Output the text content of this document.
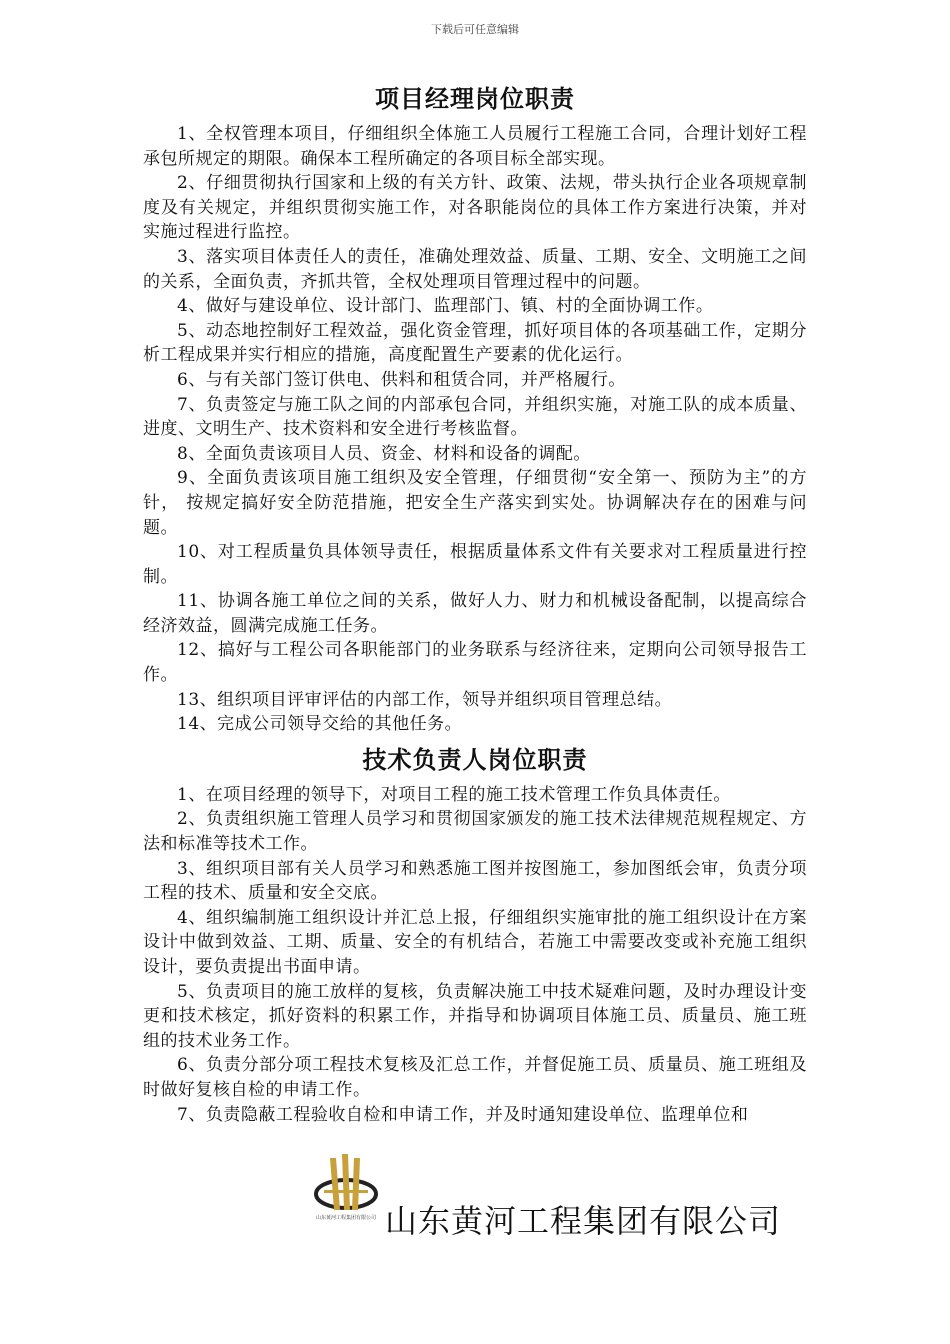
下载后可任意编辑
项目经理岗位职责

1、全权管理本项目，仔细组织全体施工人员履行工程施工合同，合理计划好工程承包所规定的期限。确保本工程所确定的各项目标全部实现。

2、仔细贯彻执行国家和上级的有关方针、政策、法规，带头执行企业各项规章制度及有关规定，并组织贯彻实施工作，对各职能岗位的具体工作方案进行决策，并对实施过程进行监控。

3、落实项目体责任人的责任，准确处理效益、质量、工期、安全、文明施工之间的关系，全面负责，齐抓共管，全权处理项目管理过程中的问题。

4、做好与建设单位、设计部门、监理部门、镇、村的全面协调工作。

5、动态地控制好工程效益，强化资金管理，抓好项目体的各项基础工作，定期分析工程成果并实行相应的措施，高度配置生产要素的优化运行。

6、与有关部门签订供电、供料和租赁合同，并严格履行。

7、负责签定与施工队之间的内部承包合同，并组织实施，对施工队的成本质量、进度、文明生产、技术资料和安全进行考核监督。

8、全面负责该项目人员、资金、材料和设备的调配。

9、全面负责该项目施工组织及安全管理，仔细贯彻“安全第一、预防为主”的方针， 按规定搞好安全防范措施，把安全生产落实到实处。协调解决存在的困难与问题。

10、对工程质量负具体领导责任，根据质量体系文件有关要求对工程质量进行控制。

11、协调各施工单位之间的关系，做好人力、财力和机械设备配制，以提高综合经济效益，圆满完成施工任务。

12、搞好与工程公司各职能部门的业务联系与经济往来，定期向公司领导报告工作。

13、组织项目评审评估的内部工作，领导并组织项目管理总结。

14、完成公司领导交给的其他任务。

技术负责人岗位职责

1、在项目经理的领导下，对项目工程的施工技术管理工作负具体责任。

2、负责组织施工管理人员学习和贯彻国家颁发的施工技术法律规范规程规定、方法和标准等技术工作。

3、组织项目部有关人员学习和熟悉施工图并按图施工，参加图纸会审，负责分项工程的技术、质量和安全交底。

4、组织编制施工组织设计并汇总上报，仔细组织实施审批的施工组织设计在方案设计中做到效益、工期、质量、安全的有机结合，若施工中需要改变或补充施工组织设计，要负责提出书面申请。

5、负责项目的施工放样的复核，负责解决施工中技术疑难问题，及时办理设计变更和技术核定，抓好资料的积累工作，并指导和协调项目体施工员、质量员、施工班组的技术业务工作。

6、负责分部分项工程技术复核及汇总工作，并督促施工员、质量员、施工班组及时做好复核自检的申请工作。

7、负责隐蔽工程验收自检和申请工作，并及时通知建设单位、监理单位和

山东黄河工程集团有限公司 山东黄河工程集团有限公司
